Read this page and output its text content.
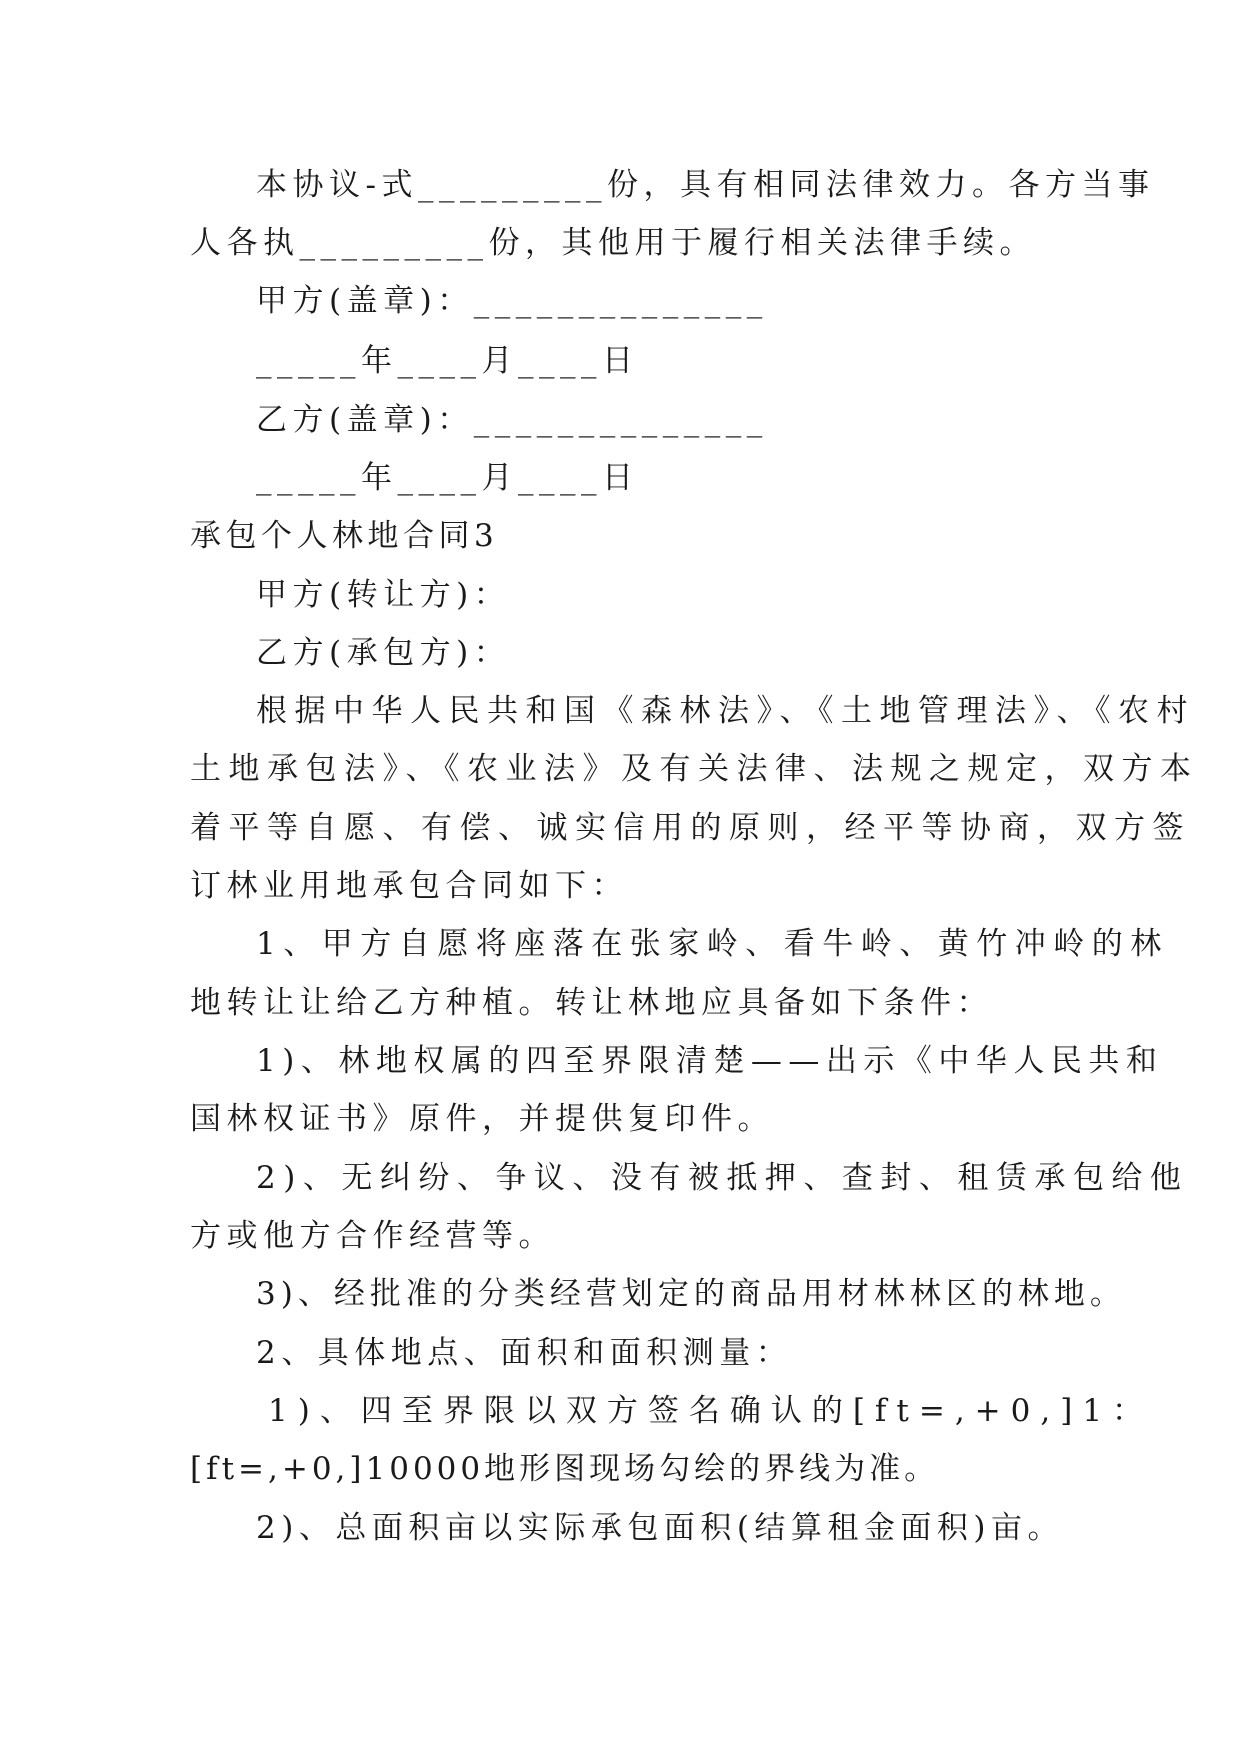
本协议-式_________份，具有相同法律效力。各方当事
人各执_________份，其他用于履行相关法律手续。
甲方(盖章)：______________
_____年____月____日
乙方(盖章)：______________
_____年____月____日
承包个人林地合同3
甲方(转让方)：
乙方(承包方)：
根据中华人民共和国《森林法》、《土地管理法》、《农村
土地承包法》、《农业法》及有关法律、法规之规定，双方本
着平等自愿、有偿、诚实信用的原则，经平等协商，双方签
订林业用地承包合同如下：
1、甲方自愿将座落在张家岭、看牛岭、黄竹冲岭的林
地转让让给乙方种植。转让林地应具备如下条件：
1)、林地权属的四至界限清楚——出示《中华人民共和
国林权证书》原件，并提供复印件。
2)、无纠纷、争议、没有被抵押、查封、租赁承包给他
方或他方合作经营等。
3)、经批准的分类经营划定的商品用材林林区的林地。
2、具体地点、面积和面积测量：
1)、四至界限以双方签名确认的[ft=,+0,]1：
[ft=,+0,]10000地形图现场勾绘的界线为准。
2)、总面积亩以实际承包面积(结算租金面积)亩。
